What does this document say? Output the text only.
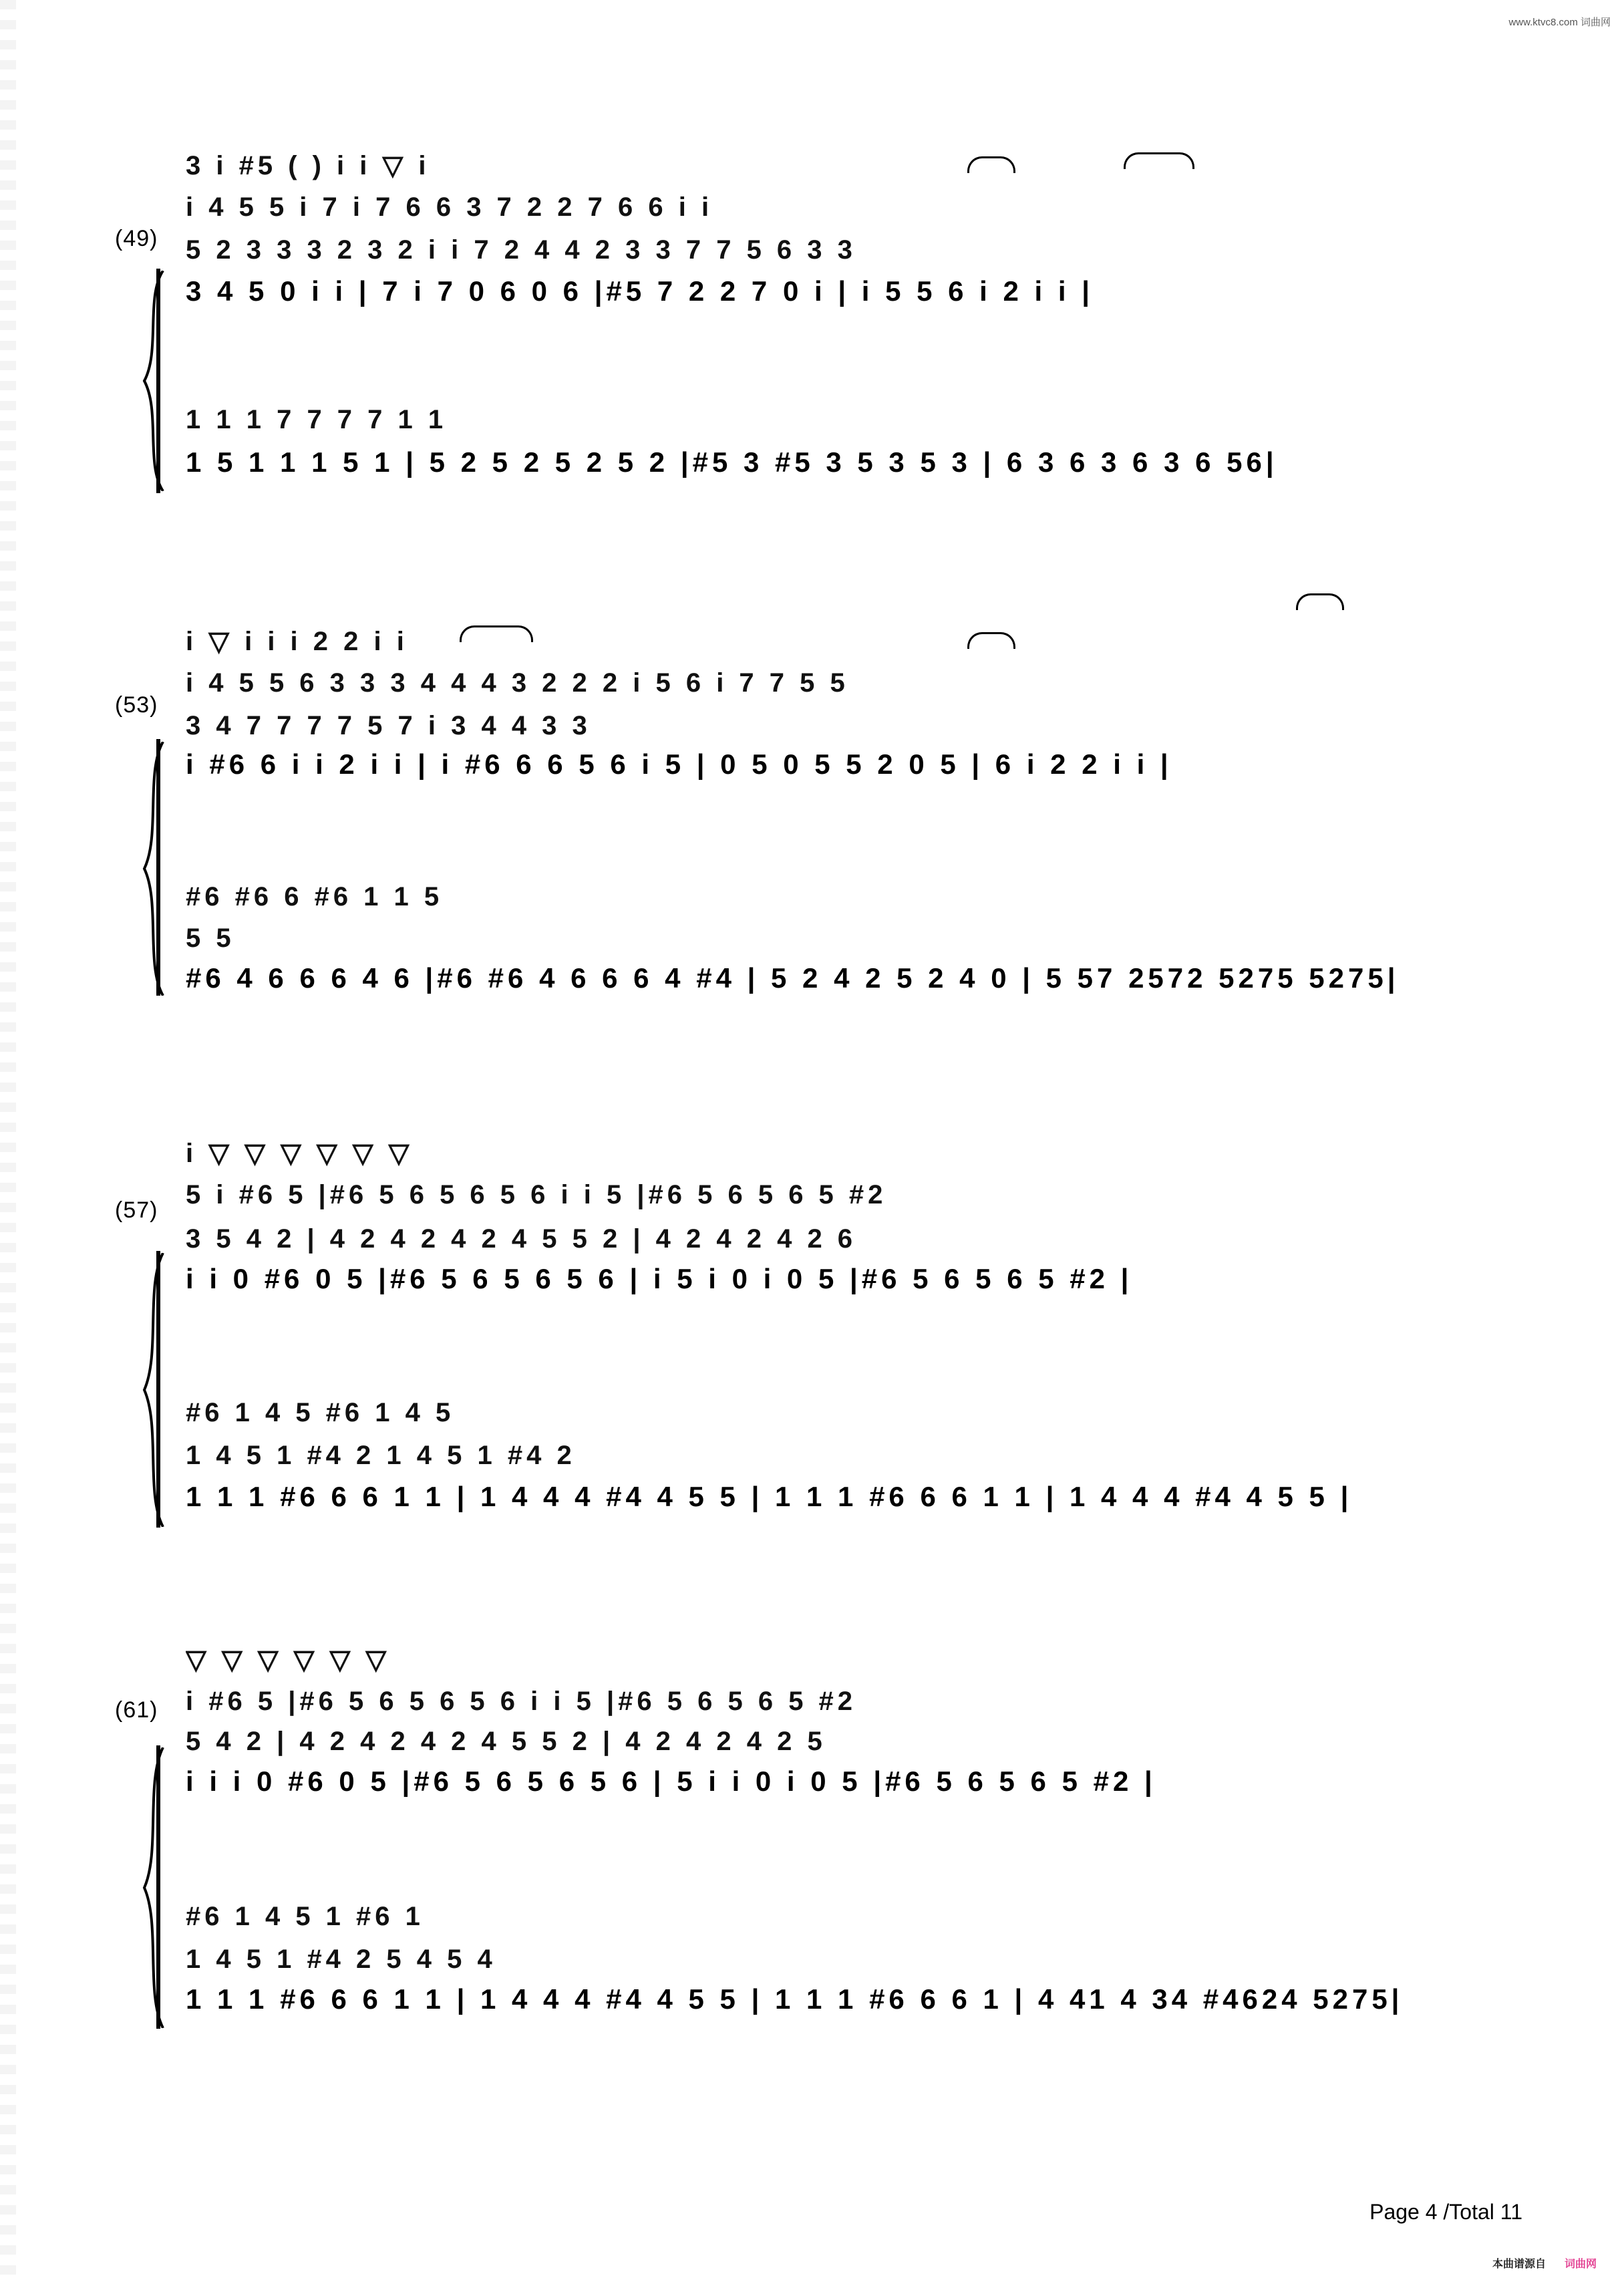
www.ktvc8.com 词曲网
(49)
3 i #5 ( ) i i ▽ i
i 4 5 5 i 7 i 7 6 6 3 7 2 2 7 6 6 i i
5 2 3 3 3 2 3 2 i i 7 2 4 4 2 3 3 7 7 5 6 3 3
3 4 5 0 i i | 7 i 7 0 6 0 6 |#5 7 2 2 7 0 i | i 5 5 6 i 2 i i |
1 1 1 7 7 7 7 1 1
1 5 1 1 1 5 1 | 5 2 5 2 5 2 5 2 |#5 3 #5 3 5 3 5 3 | 6 3 6 3 6 3 6 56|
(53)
i ▽ i i i 2 2 i i
i 4 5 5 6 3 3 3 4 4 4 3 2 2 2 i 5 6 i 7 7 5 5
3 4 7 7 7 7 5 7 i 3 4 4 3 3
i #6 6 i i 2 i i | i #6 6 6 5 6 i 5 | 0 5 0 5 5 2 0 5 | 6 i 2 2 i i |
#6 #6 6 #6 1 1 5
5 5
#6 4 6 6 6 4 6 |#6 #6 4 6 6 6 4 #4 | 5 2 4 2 5 2 4 0 | 5 57 2572 5275 5275|
(57)
i ▽ ▽ ▽ ▽ ▽ ▽
5 i #6 5 |#6 5 6 5 6 5 6 i i 5 |#6 5 6 5 6 5 #2
3 5 4 2 | 4 2 4 2 4 2 4 5 5 2 | 4 2 4 2 4 2 6
i i 0 #6 0 5 |#6 5 6 5 6 5 6 | i 5 i 0 i 0 5 |#6 5 6 5 6 5 #2 |
#6 1 4 5 #6 1 4 5
1 4 5 1 #4 2 1 4 5 1 #4 2
1 1 1 #6 6 6 1 1 | 1 4 4 4 #4 4 5 5 | 1 1 1 #6 6 6 1 1 | 1 4 4 4 #4 4 5 5 |
(61)
▽ ▽ ▽ ▽ ▽ ▽
i #6 5 |#6 5 6 5 6 5 6 i i 5 |#6 5 6 5 6 5 #2
5 4 2 | 4 2 4 2 4 2 4 5 5 2 | 4 2 4 2 4 2 5
i i i 0 #6 0 5 |#6 5 6 5 6 5 6 | 5 i i 0 i 0 5 |#6 5 6 5 6 5 #2 |
#6 1 4 5 1 #6 1
1 4 5 1 #4 2 5 4 5 4
1 1 1 #6 6 6 1 1 | 1 4 4 4 #4 4 5 5 | 1 1 1 #6 6 6 1 | 4 41 4 34 #4624 5275|
Page 4 /Total 11
本曲谱源自 词曲网
